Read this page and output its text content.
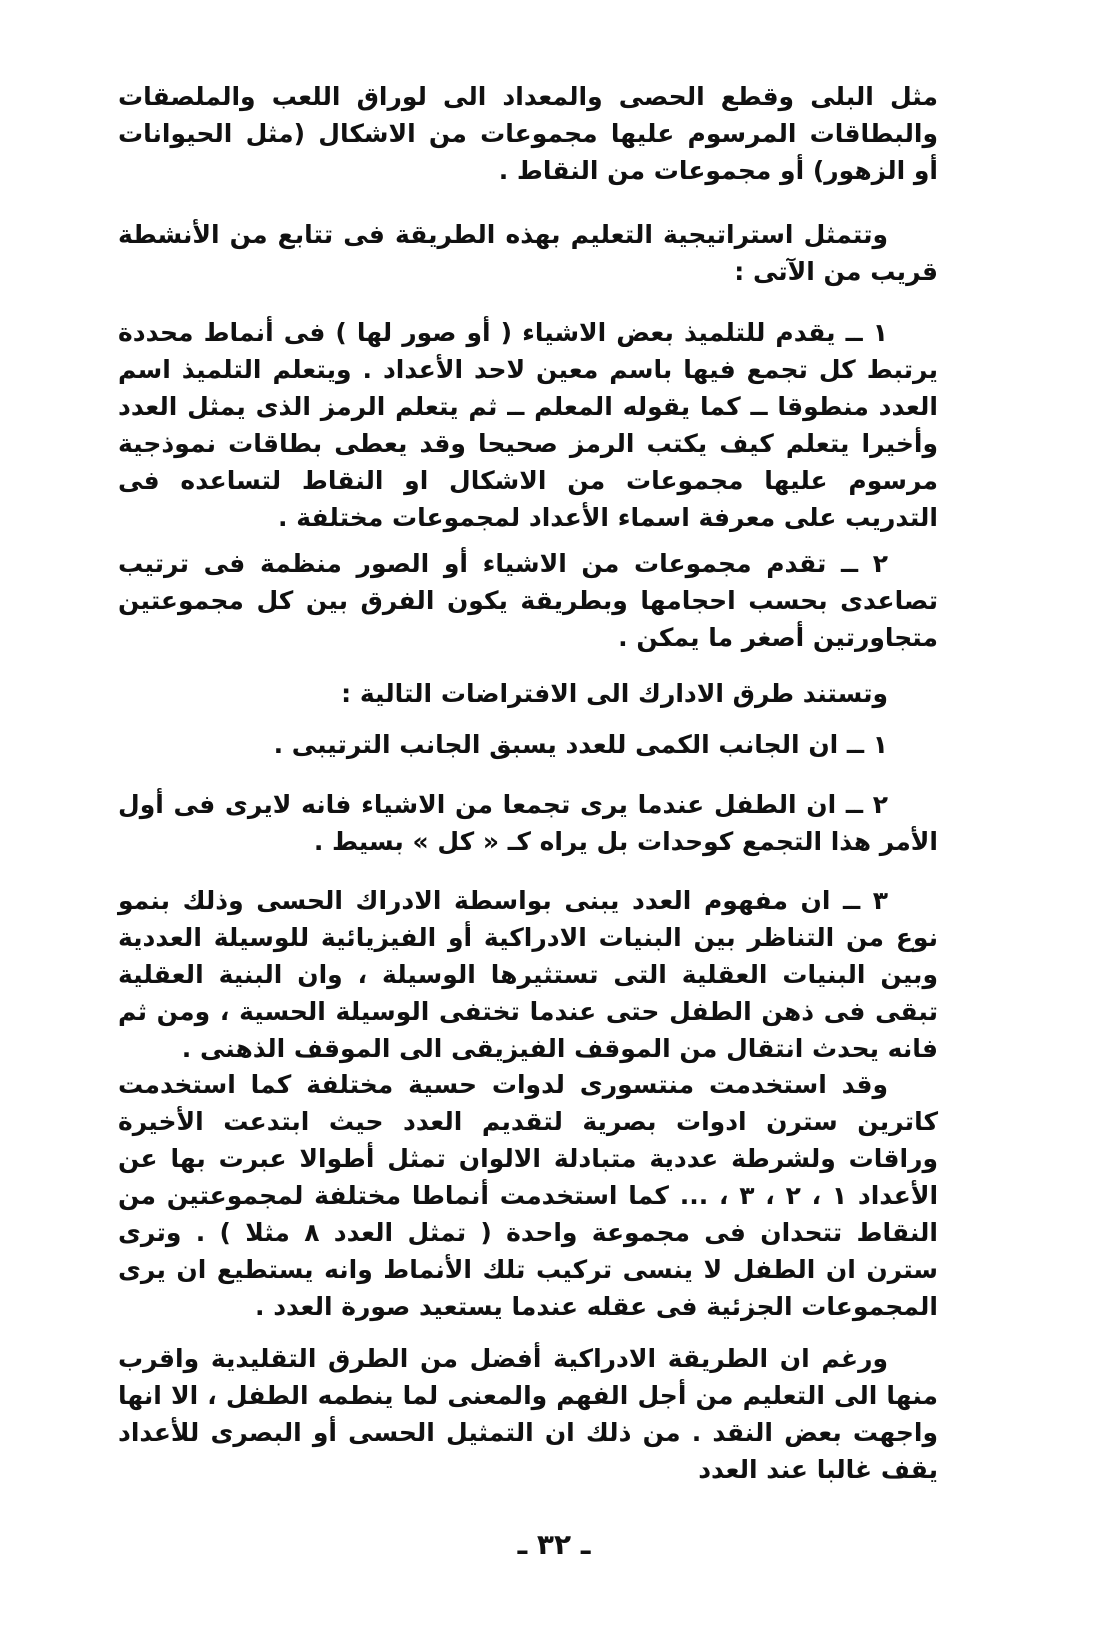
مثل البلى وقطع الحصى والمعداد الى لوراق اللعب والملصقات والبطاقات المرسوم عليها مجموعات من الاشكال (مثل الحيوانات أو الزهور) أو مجموعات من النقاط .

وتتمثل استراتيجية التعليم بهذه الطريقة فى تتابع من الأنشطة قريب من الآتى :

١ ــ يقدم للتلميذ بعض الاشياء ( أو صور لها ) فى أنماط محددة يرتبط كل تجمع فيها باسم معين لاحد الأعداد . ويتعلم التلميذ اسم العدد منطوقا ــ كما يقوله المعلم ــ ثم يتعلم الرمز الذى يمثل العدد وأخيرا يتعلم كيف يكتب الرمز صحيحا وقد يعطى بطاقات نموذجية مرسوم عليها مجموعات من الاشكال او النقاط لتساعده فى التدريب على معرفة اسماء الأعداد لمجموعات مختلفة .

٢ ــ تقدم مجموعات من الاشياء أو الصور منظمة فى ترتيب تصاعدى بحسب احجامها وبطريقة يكون الفرق بين كل مجموعتين متجاورتين أصغر ما يمكن .

وتستند طرق الادارك الى الافتراضات التالية :

١ ــ ان الجانب الكمى للعدد يسبق الجانب الترتيبى .

٢ ــ ان الطفل عندما يرى تجمعا من الاشياء فانه لايرى فى أول الأمر هذا التجمع كوحدات بل يراه كـ « كل » بسيط .

٣ ــ ان مفهوم العدد يبنى بواسطة الادراك الحسى وذلك بنمو نوع من التناظر بين البنيات الادراكية أو الفيزيائية للوسيلة العددية وبين البنيات العقلية التى تستثيرها الوسيلة ، وان البنية العقلية تبقى فى ذهن الطفل حتى عندما تختفى الوسيلة الحسية ، ومن ثم فانه يحدث انتقال من الموقف الفيزيقى الى الموقف الذهنى .

وقد استخدمت منتسورى لدوات حسية مختلفة كما استخدمت كاترين سترن ادوات بصرية لتقديم العدد حيث ابتدعت الأخيرة وراقات ولشرطة عددية متبادلة الالوان تمثل أطوالا عبرت بها عن الأعداد ١ ، ٢ ، ٣ ، ... كما استخدمت أنماطا مختلفة لمجموعتين من النقاط تتحدان فى مجموعة واحدة ( تمثل العدد ٨ مثلا ) . وترى سترن ان الطفل لا ينسى تركيب تلك الأنماط وانه يستطيع ان يرى المجموعات الجزئية فى عقله عندما يستعيد صورة العدد .

ورغم ان الطريقة الادراكية أفضل من الطرق التقليدية واقرب منها الى التعليم من أجل الفهم والمعنى لما ينطمه الطفل ، الا انها واجهت بعض النقد . من ذلك ان التمثيل الحسى أو البصرى للأعداد يقف غالبا عند العدد

ـ ٣٢ ـ
